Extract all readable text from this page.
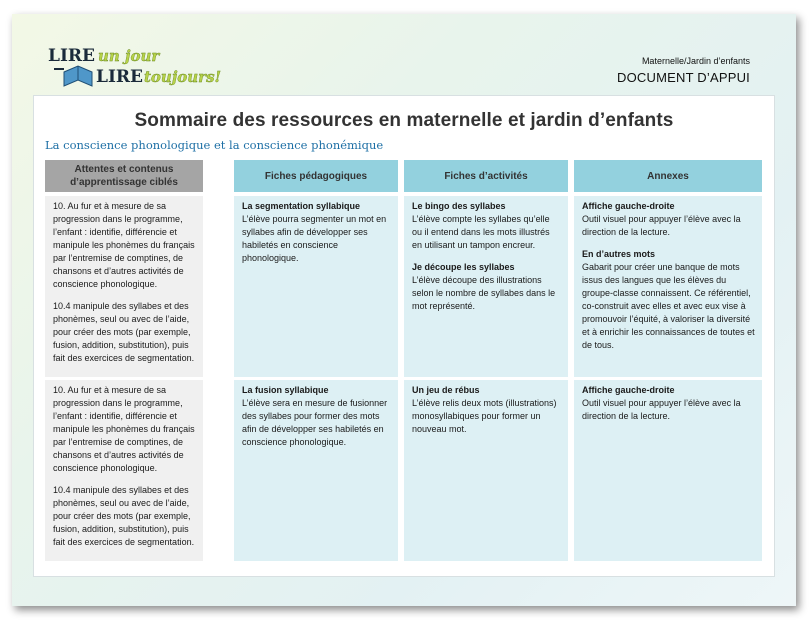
LIRE un jour
LIRE toujours!
Maternelle/Jardin d’enfants
DOCUMENT D’APPUI
Sommaire des ressources en maternelle et jardin d’enfants
La conscience phonologique et la conscience phonémique
Attentes et contenus d’apprentissage ciblés
Fiches pédagogiques	Fiches d’activités	Annexes

10. Au fur et à mesure de sa progression dans le programme, l’enfant : identifie, différencie et manipule les phonèmes du français par l’entremise de comptines, de chansons et d’autres activités de conscience phonologique.

10.4 manipule des syllabes et des phonèmes, seul ou avec de l’aide, pour créer des mots (par exemple, fusion, addition, substitution), puis fait des exercices de segmentation.

La segmentation syllabique
L’élève pourra segmenter un mot en syllabes afin de développer ses habiletés en conscience phonologique.
Le bingo des syllabes
L’élève compte les syllabes qu’elle ou il entend dans les mots illustrés en utilisant un tampon encreur.
Je découpe les syllabes
L’élève découpe des illustrations selon le nombre de syllabes dans le mot représenté.
Affiche gauche-droite
Outil visuel pour appuyer l’élève avec la direction de la lecture.
En d’autres mots
Gabarit pour créer une banque de mots issus des langues que les élèves du groupe-classe connaissent. Ce référentiel, co-construit avec elles et avec eux vise à promouvoir l’équité, à valoriser la diversité et à enrichir les connaissances de toutes et de tous.

10. Au fur et à mesure de sa progression dans le programme, l’enfant : identifie, différencie et manipule les phonèmes du français par l’entremise de comptines, de chansons et d’autres activités de conscience phonologique.

10.4 manipule des syllabes et des phonèmes, seul ou avec de l’aide, pour créer des mots (par exemple, fusion, addition, substitution), puis fait des exercices de segmentation.

La fusion syllabique
L’élève sera en mesure de fusionner des syllabes pour former des mots afin de développer ses habiletés en conscience phonologique.
Un jeu de rébus
L’élève relis deux mots (illustrations) monosyllabiques pour former un nouveau mot.
Affiche gauche-droite
Outil visuel pour appuyer l’élève avec la direction de la lecture.
